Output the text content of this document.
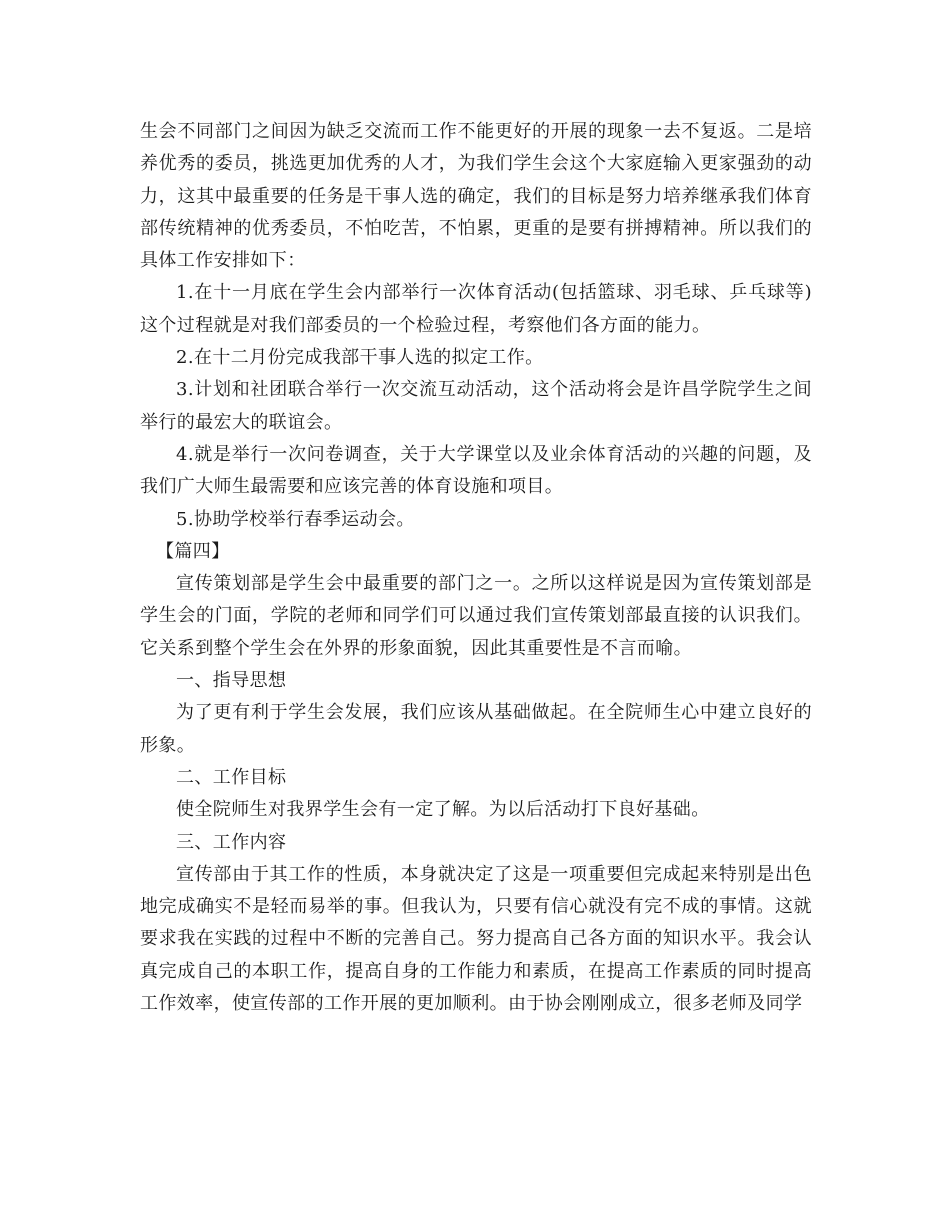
生会不同部门之间因为缺乏交流而工作不能更好的开展的现象一去不复返。二是培养优秀的委员，挑选更加优秀的人才，为我们学生会这个大家庭输入更家强劲的动力，这其中最重要的任务是干事人选的确定，我们的目标是努力培养继承我们体育部传统精神的优秀委员，不怕吃苦，不怕累，更重的是要有拼搏精神。所以我们的具体工作安排如下：

1.在十一月底在学生会内部举行一次体育活动(包括篮球、羽毛球、乒乓球等)这个过程就是对我们部委员的一个检验过程，考察他们各方面的能力。

2.在十二月份完成我部干事人选的拟定工作。

3.计划和社团联合举行一次交流互动活动，这个活动将会是许昌学院学生之间举行的最宏大的联谊会。

4.就是举行一次问卷调查，关于大学课堂以及业余体育活动的兴趣的问题，及我们广大师生最需要和应该完善的体育设施和项目。

5.协助学校举行春季运动会。

【篇四】

宣传策划部是学生会中最重要的部门之一。之所以这样说是因为宣传策划部是学生会的门面，学院的老师和同学们可以通过我们宣传策划部最直接的认识我们。它关系到整个学生会在外界的形象面貌，因此其重要性是不言而喻。

一、指导思想

为了更有利于学生会发展，我们应该从基础做起。在全院师生心中建立良好的形象。

二、工作目标

使全院师生对我界学生会有一定了解。为以后活动打下良好基础。

三、工作内容

宣传部由于其工作的性质，本身就决定了这是一项重要但完成起来特别是出色地完成确实不是轻而易举的事。但我认为，只要有信心就没有完不成的事情。这就要求我在实践的过程中不断的完善自己。努力提高自己各方面的知识水平。我会认真完成自己的本职工作，提高自身的工作能力和素质，在提高工作素质的同时提高工作效率，使宣传部的工作开展的更加顺利。由于协会刚刚成立，很多老师及同学
